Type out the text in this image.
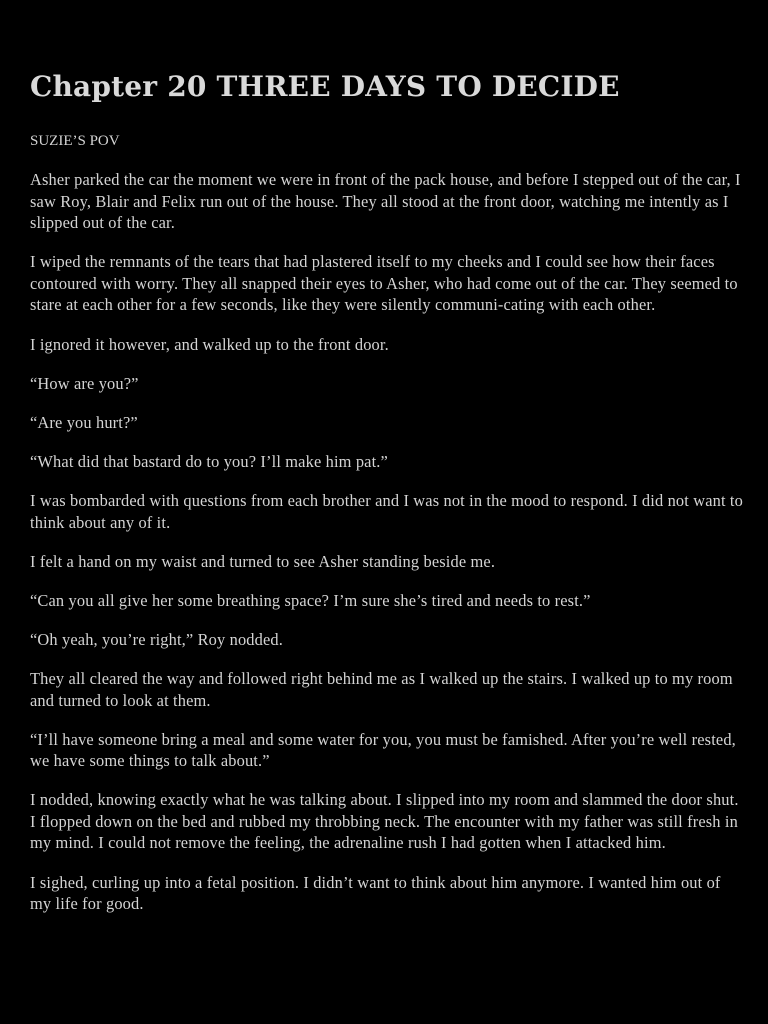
Chapter 20 THREE DAYS TO DECIDE

SUZIE’S POV

Asher parked the car the moment we were in front of the pack house, and before I stepped out of the car, I saw Roy, Blair and Felix run out of the house. They all stood at the front door, watching me intently as I slipped out of the car.

I wiped the remnants of the tears that had plastered itself to my cheeks and I could see how their faces contoured with worry. They all snapped their eyes to Asher, who had come out of the car. They seemed to stare at each other for a few seconds, like they were silently communi-cating with each other.

I ignored it however, and walked up to the front door.

“How are you?”

“Are you hurt?”

“What did that bastard do to you? I’ll make him pat.”

I was bombarded with questions from each brother and I was not in the mood to respond. I did not want to think about any of it.

I felt a hand on my waist and turned to see Asher standing beside me.

“Can you all give her some breathing space? I’m sure she’s tired and needs to rest.”

“Oh yeah, you’re right,” Roy nodded.

They all cleared the way and followed right behind me as I walked up the stairs. I walked up to my room and turned to look at them.

“I’ll have someone bring a meal and some water for you, you must be famished. After you’re well rested, we have some things to talk about.”

I nodded, knowing exactly what he was talking about. I slipped into my room and slammed the door shut. I flopped down on the bed and rubbed my throbbing neck. The encounter with my father was still fresh in my mind. I could not remove the feeling, the adrenaline rush I had gotten when I attacked him.

I sighed, curling up into a fetal position. I didn’t want to think about him anymore. I wanted him out of my life for good.
